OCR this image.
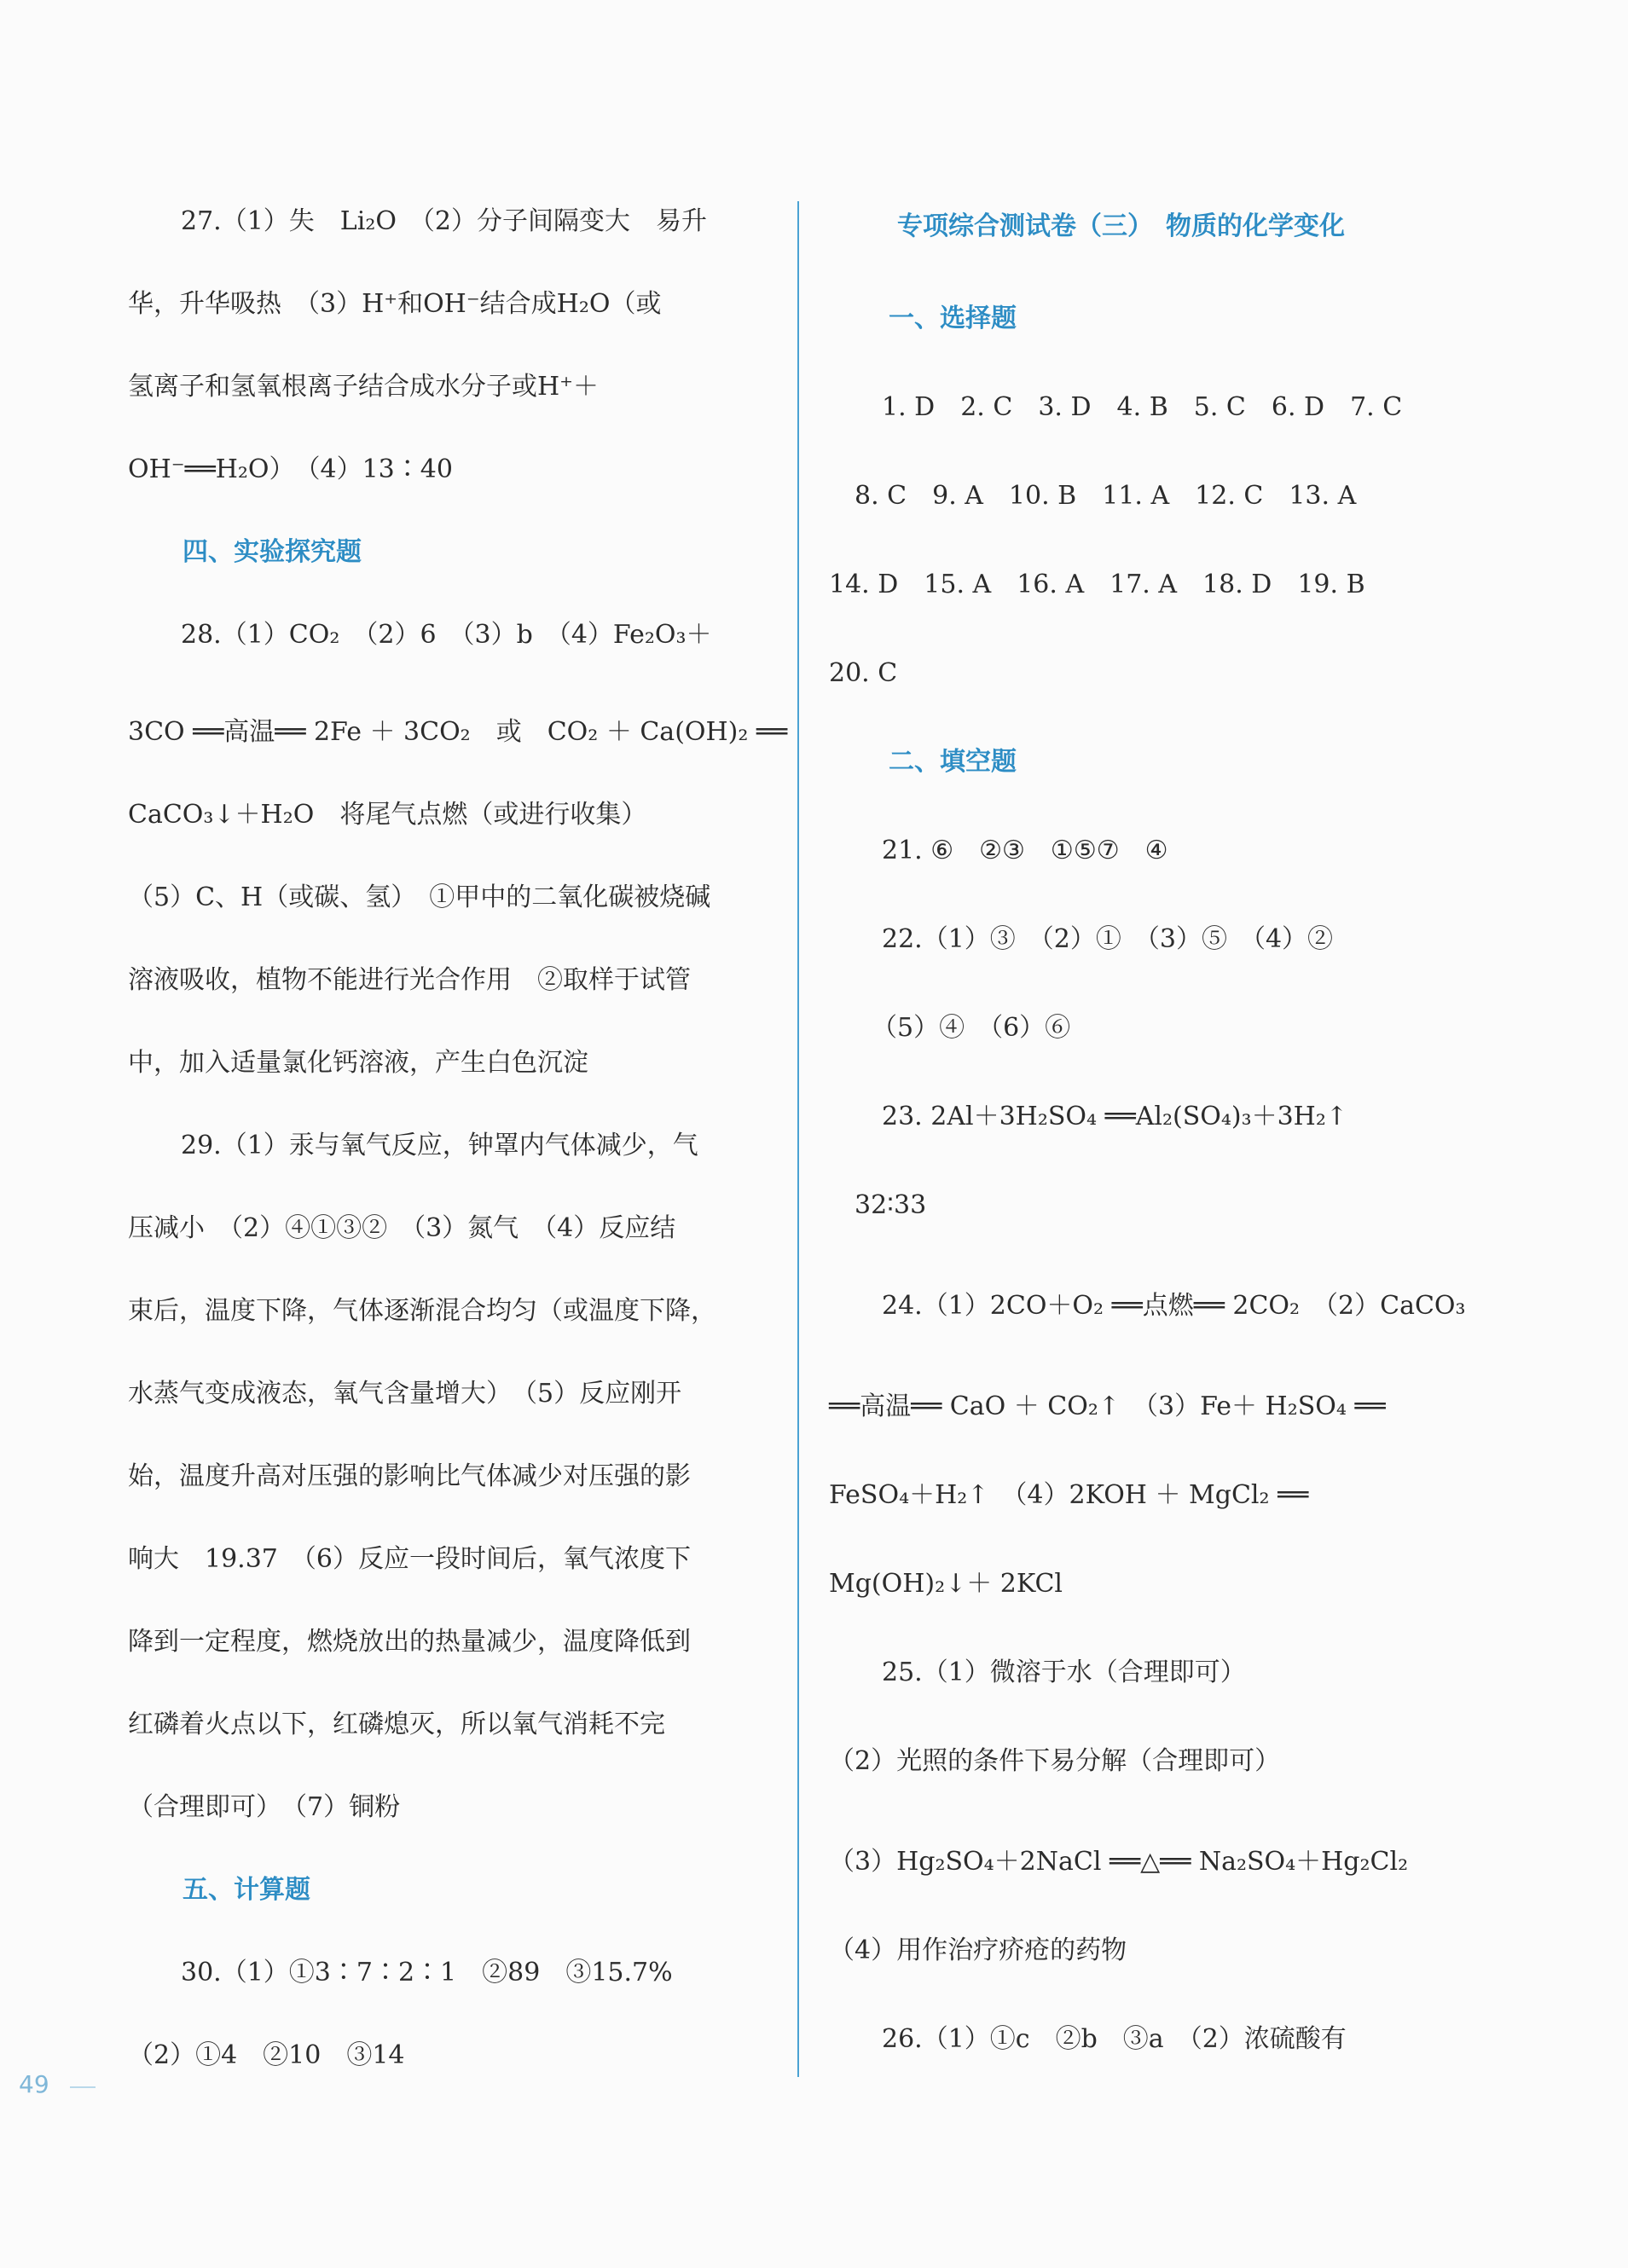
27.（1）失　Li₂O　（2）分子间隔变大　易升
华，升华吸热　（3）H⁺和OH⁻结合成H₂O（或
氢离子和氢氧根离子结合成水分子或H⁺＋
OH⁻══H₂O）　（4）13∶40
四、实验探究题
28.（1）CO₂　（2）6　（3）b　（4）Fe₂O₃＋
3CO ══高温══ 2Fe ＋ 3CO₂　或　CO₂ ＋ Ca(OH)₂ ══
CaCO₃↓＋H₂O　将尾气点燃（或进行收集）
（5）C、H（或碳、氢）　①甲中的二氧化碳被烧碱
溶液吸收，植物不能进行光合作用　②取样于试管
中，加入适量氯化钙溶液，产生白色沉淀
29.（1）汞与氧气反应，钟罩内气体减少，气
压减小　（2）④①③②　（3）氮气　（4）反应结
束后，温度下降，气体逐渐混合均匀（或温度下降，
水蒸气变成液态，氧气含量增大）　（5）反应刚开
始，温度升高对压强的影响比气体减少对压强的影
响大　19.37　（6）反应一段时间后，氧气浓度下
降到一定程度，燃烧放出的热量减少，温度降低到
红磷着火点以下，红磷熄灭，所以氧气消耗不完
（合理即可）　（7）铜粉
五、计算题
30.（1）①3∶7∶2∶1　②89　③15.7%
（2）①4　②10　③14
专项综合测试卷（三）　物质的化学变化
一、选择题
1. D　2. C　3. D　4. B　5. C　6. D　7. C
8. C　9. A　10. B　11. A　12. C　13. A
14. D　15. A　16. A　17. A　18. D　19. B
20. C
二、填空题
21. ⑥　②③　①⑤⑦　④
22.（1）③　（2）①　（3）⑤　（4）②
（5）④　（6）⑥
23. 2Al＋3H₂SO₄ ══Al₂(SO₄)₃＋3H₂↑
32∶33
24.（1）2CO＋O₂ ══点燃══ 2CO₂　（2）CaCO₃
══高温══ CaO ＋ CO₂↑　（3）Fe＋ H₂SO₄ ══
FeSO₄＋H₂↑　（4）2KOH ＋ MgCl₂ ══
Mg(OH)₂↓＋ 2KCl
25.（1）微溶于水（合理即可）
（2）光照的条件下易分解（合理即可）
（3）Hg₂SO₄＋2NaCl ══△══ Na₂SO₄＋Hg₂Cl₂
（4）用作治疗疥疮的药物
26.（1）①c　②b　③a　（2）浓硫酸有
49
